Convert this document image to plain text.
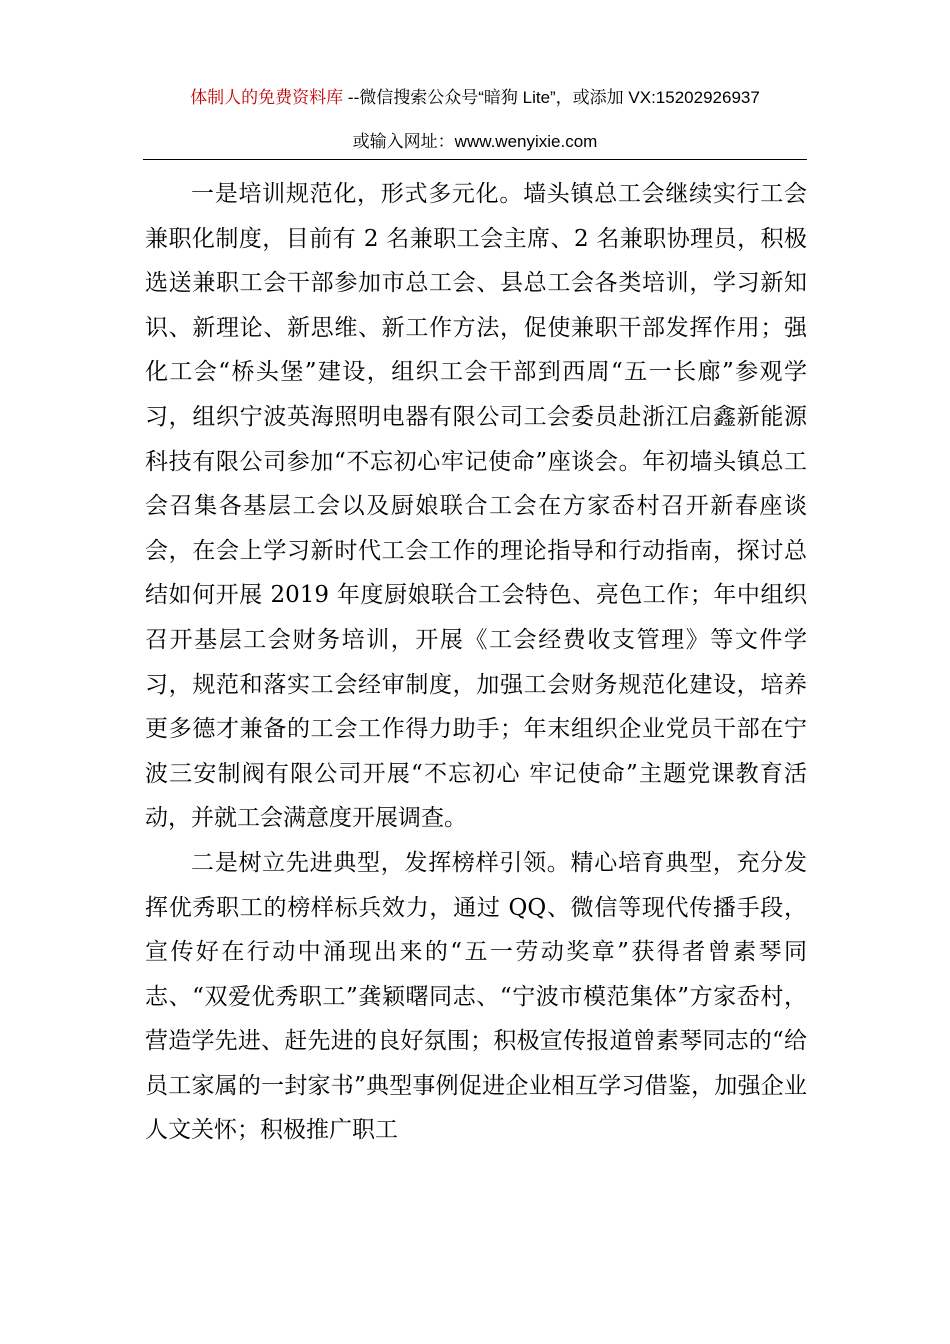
体制人的免费资料库 --微信搜索公众号“暗狗 Lite”，或添加 VX:15202926937
或输入网址：www.wenyixie.com

一是培训规范化，形式多元化。墙头镇总工会继续实行工会兼职化制度，目前有 2 名兼职工会主席、2 名兼职协理员，积极选送兼职工会干部参加市总工会、县总工会各类培训，学习新知识、新理论、新思维、新工作方法，促使兼职干部发挥作用；强化工会“桥头堡”建设，组织工会干部到西周“五一长廊”参观学习，组织宁波英海照明电器有限公司工会委员赴浙江启鑫新能源科技有限公司参加“不忘初心牢记使命”座谈会。年初墙头镇总工会召集各基层工会以及厨娘联合工会在方家岙村召开新春座谈会，在会上学习新时代工会工作的理论指导和行动指南，探讨总结如何开展 2019 年度厨娘联合工会特色、亮色工作；年中组织召开基层工会财务培训，开展《工会经费收支管理》等文件学习，规范和落实工会经审制度，加强工会财务规范化建设，培养更多德才兼备的工会工作得力助手；年末组织企业党员干部在宁波三安制阀有限公司开展“不忘初心 牢记使命”主题党课教育活动，并就工会满意度开展调查。

二是树立先进典型，发挥榜样引领。精心培育典型，充分发挥优秀职工的榜样标兵效力，通过 QQ、微信等现代传播手段，宣传好在行动中涌现出来的“五一劳动奖章”获得者曾素琴同志、“双爱优秀职工”龚颖曙同志、“宁波市模范集体”方家岙村，营造学先进、赶先进的良好氛围；积极宣传报道曾素琴同志的“给员工家属的一封家书”典型事例促进企业相互学习借鉴，加强企业人文关怀；积极推广职工
